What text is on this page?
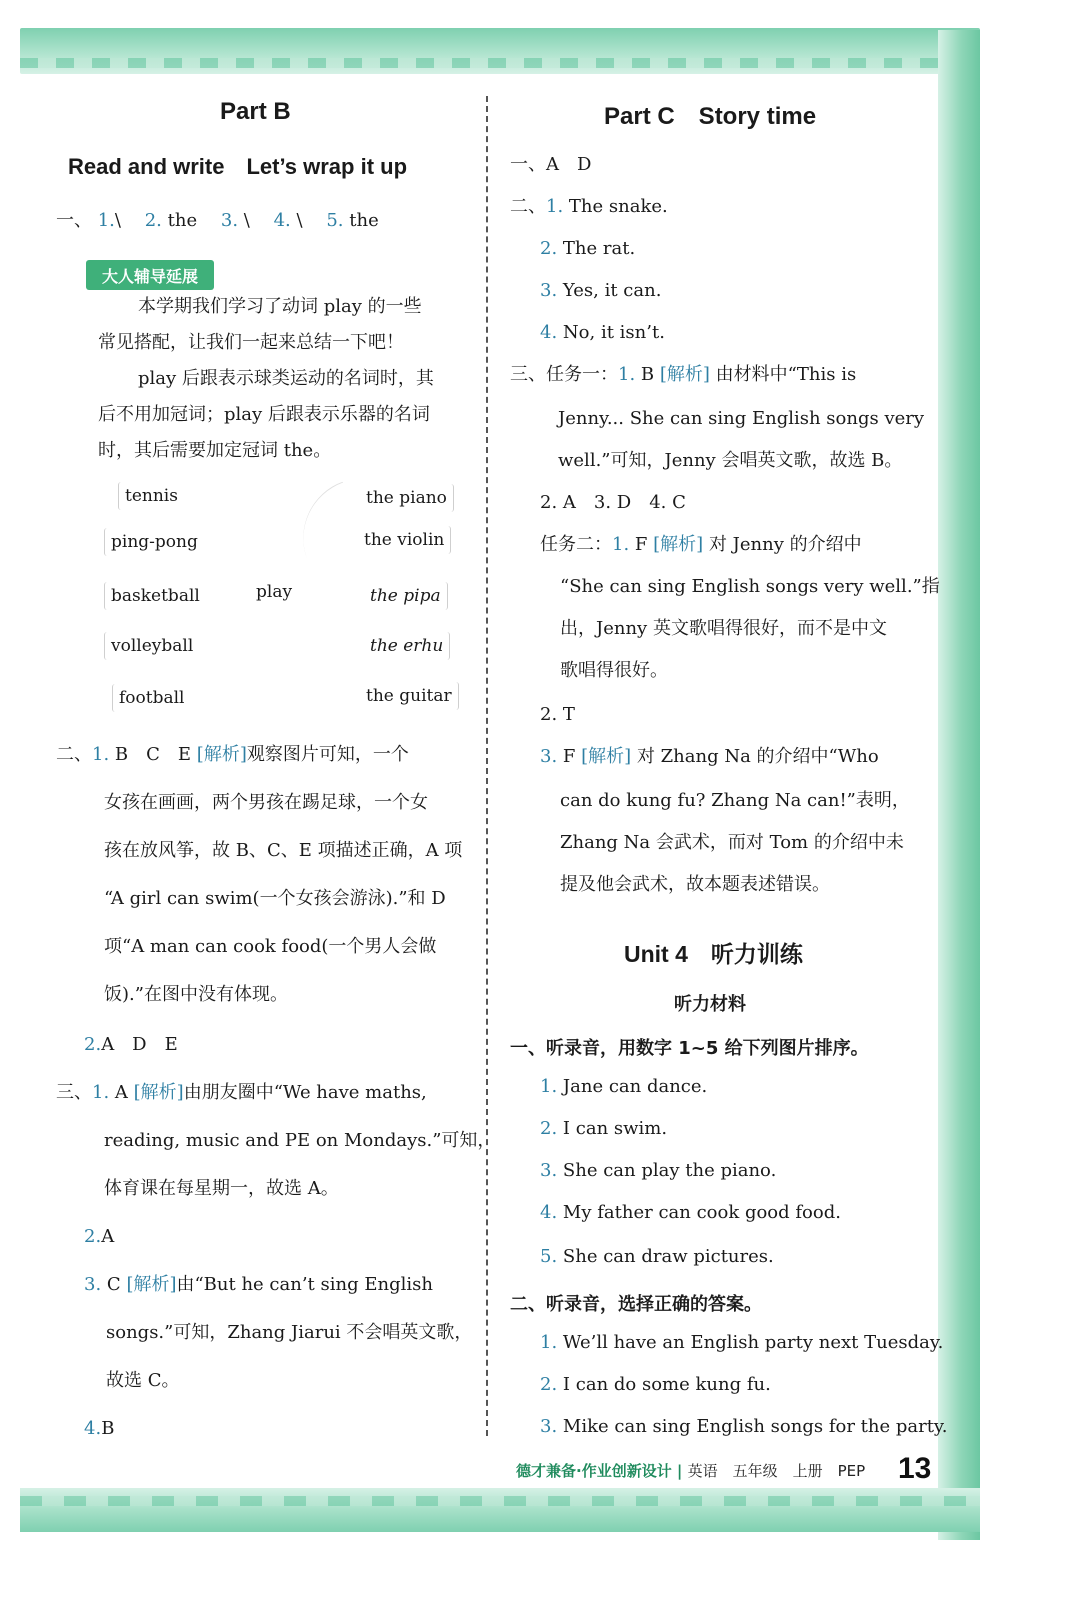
Part B
Read and write　Let’s wrap it up
一、 1.\　 2. the　 3. \　 4. \　 5. the
大人辅导延展
本学期我们学习了动词 play 的一些
常见搭配，让我们一起来总结一下吧！
play 后跟表示球类运动的名词时，其
后不用加冠词；play 后跟表示乐器的名词
时，其后需要加定冠词 the。
tennis
ping-pong
basketball
volleyball
football
play
the piano
the violin
the pipa
the erhu
the guitar
二、1. B　C　E [解析]观察图片可知，一个
女孩在画画，两个男孩在踢足球，一个女
孩在放风筝，故 B、C、E 项描述正确，A 项
“A girl can swim(一个女孩会游泳).”和 D
项“A man can cook food(一个男人会做
饭).”在图中没有体现。
2.A　D　E
三、1. A [解析]由朋友圈中“We have maths,
reading, music and PE on Mondays.”可知，
体育课在每星期一，故选 A。
2.A
3. C [解析]由“But he can’t sing English
songs.”可知，Zhang Jiarui 不会唱英文歌，
故选 C。
4.B
Part C　Story time
一、A　D
二、1. The snake.
2. The rat.
3. Yes, it can.
4. No, it isn’t.
三、任务一：1. B [解析] 由材料中“This is
Jenny... She can sing English songs very
well.”可知，Jenny 会唱英文歌，故选 B。
2. A　3. D　4. C
任务二：1. F [解析] 对 Jenny 的介绍中
“She can sing English songs very well.”指
出，Jenny 英文歌唱得很好，而不是中文
歌唱得很好。
2. T
3. F [解析] 对 Zhang Na 的介绍中“Who
can do kung fu? Zhang Na can!”表明，
Zhang Na 会武术，而对 Tom 的介绍中未
提及他会武术，故本题表述错误。
Unit 4　听力训练
听力材料
一、听录音，用数字 1~5 给下列图片排序。
1. Jane can dance.
2. I can swim.
3. She can play the piano.
4. My father can cook good food.
5. She can draw pictures.
二、听录音，选择正确的答案。
1. We’ll have an English party next Tuesday.
2. I can do some kung fu.
3. Mike can sing English songs for the party.
德才兼备·作业创新设计 | 英语　五年级　上册　PEP 13
